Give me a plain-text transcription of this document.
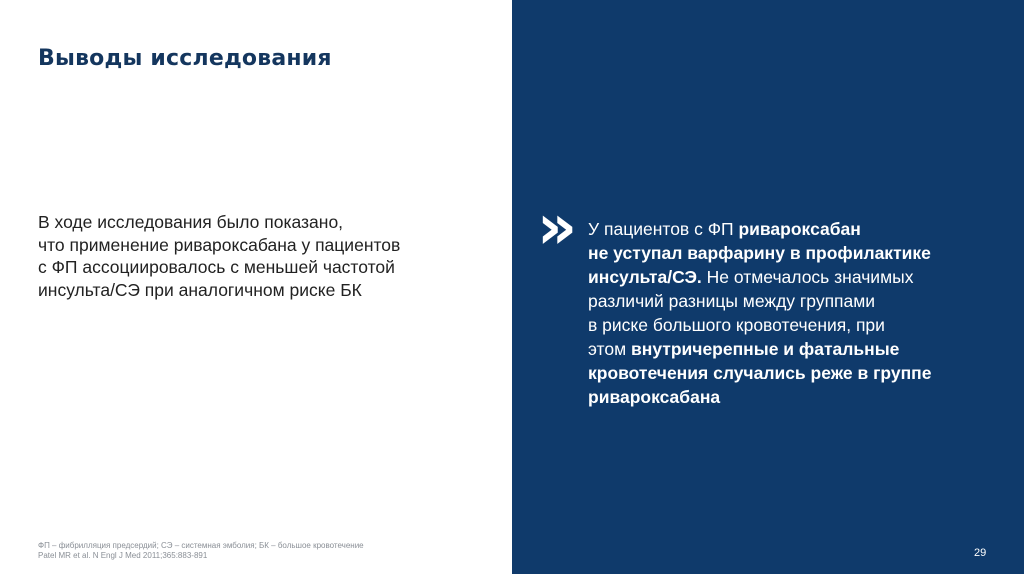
Выводы исследования
В ходе исследования было показано,
что применение ривароксабана у пациентов
с ФП ассоциировалось с меньшей частотой
инсульта/СЭ при аналогичном риске БК
» У пациентов с ФП ривароксабан
не уступал варфарину в профилактике
инсульта/СЭ. Не отмечалось значимых
различий разницы между группами
в риске большого кровотечения, при
этом внутричерепные и фатальные
кровотечения случались реже в группе
ривароксабана
ФП – фибрилляция предсердий; СЭ – системная эмболия; БК – большое кровотечение
Patel MR et al. N Engl J Med 2011;365:883-891	29
